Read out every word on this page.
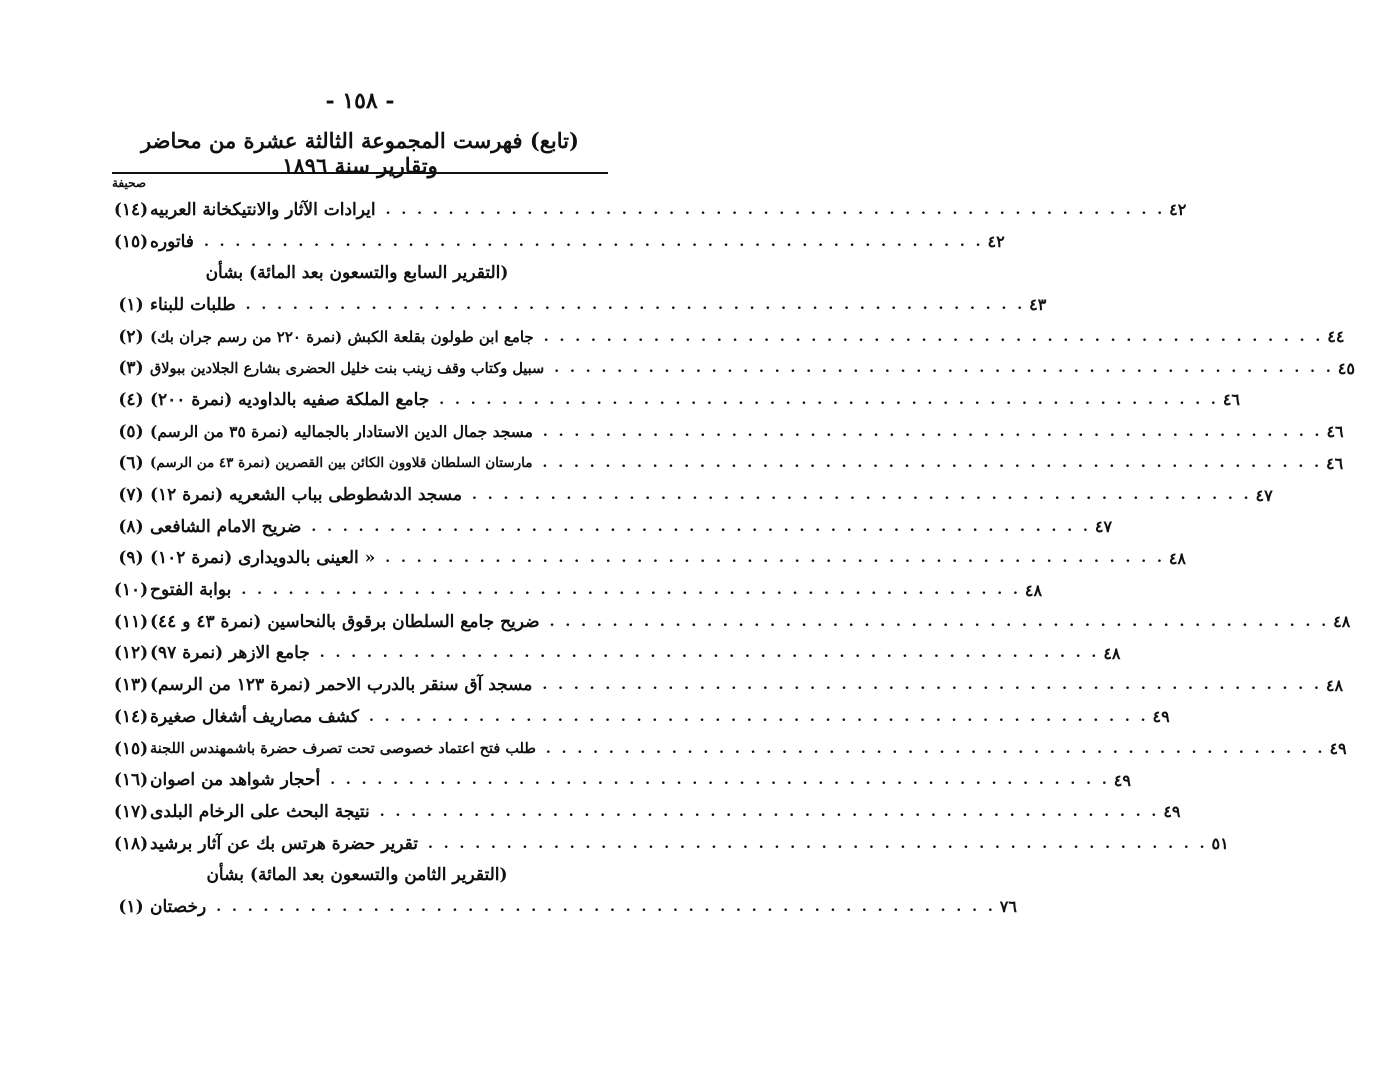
- ١٥٨ -
(تابع) فهرست المجموعة الثالثة عشرة من محاضر وتقارير سنة ١٨٩٦
صحيفة
(١٤) ايرادات الآثار والانتيكخانة العربيه . . . . . . . . . . . . . . . . . . . . . . . . . . . . . . . . . . . . . . . . . . . . . . . . . . ٤٢
(١٥) فاتوره . . . . . . . . . . . . . . . . . . . . . . . . . . . . . . . . . . . . . . . . . . . . . . . . . . ٤٢
(التقرير السابع والتسعون بعد المائة) بشأن
(١) طلبات للبناء . . . . . . . . . . . . . . . . . . . . . . . . . . . . . . . . . . . . . . . . . . . . . . . . . . ٤٣
(٢) جامع ابن طولون بقلعة الكبش (نمرة ٢٢٠ من رسم جران بك) . . . . . . . . . . . . . . . . . . . . . . . . . . . . . . . . . . . . . . . . . . . . . . . . . . ٤٤
(٣) سبيل وكتاب وقف زينب بنت خليل الحضرى بشارع الجلادين ببولاق . . . . . . . . . . . . . . . . . . . . . . . . . . . . . . . . . . . . . . . . . . . . . . . . . . ٤٥
(٤) جامع الملكة صفيه بالداوديه (نمرة ٢٠٠) . . . . . . . . . . . . . . . . . . . . . . . . . . . . . . . . . . . . . . . . . . . . . . . . . . ٤٦
(٥) مسجد جمال الدين الاستادار بالجماليه (نمرة ٣٥ من الرسم) . . . . . . . . . . . . . . . . . . . . . . . . . . . . . . . . . . . . . . . . . . . . . . . . . . ٤٦
(٦) مارستان السلطان قلاوون الكائن بين القصرين (نمرة ٤٣ من الرسم) . . . . . . . . . . . . . . . . . . . . . . . . . . . . . . . . . . . . . . . . . . . . . . . . . . ٤٦
(٧) مسجد الدشطوطى بباب الشعريه (نمرة ١٢) . . . . . . . . . . . . . . . . . . . . . . . . . . . . . . . . . . . . . . . . . . . . . . . . . . ٤٧
(٨) ضريح الامام الشافعى . . . . . . . . . . . . . . . . . . . . . . . . . . . . . . . . . . . . . . . . . . . . . . . . . . ٤٧
(٩) « العينى بالدويدارى (نمرة ١٠٢) . . . . . . . . . . . . . . . . . . . . . . . . . . . . . . . . . . . . . . . . . . . . . . . . . . ٤٨
(١٠) بوابة الفتوح . . . . . . . . . . . . . . . . . . . . . . . . . . . . . . . . . . . . . . . . . . . . . . . . . . ٤٨
(١١) ضريح جامع السلطان برقوق بالنحاسين (نمرة ٤٣ و ٤٤) . . . . . . . . . . . . . . . . . . . . . . . . . . . . . . . . . . . . . . . . . . . . . . . . . . ٤٨
(١٢) جامع الازهر (نمرة ٩٧) . . . . . . . . . . . . . . . . . . . . . . . . . . . . . . . . . . . . . . . . . . . . . . . . . . ٤٨
(١٣) مسجد آق سنقر بالدرب الاحمر (نمرة ١٢٣ من الرسم) . . . . . . . . . . . . . . . . . . . . . . . . . . . . . . . . . . . . . . . . . . . . . . . . . . ٤٨
(١٤) كشف مصاريف أشغال صغيرة . . . . . . . . . . . . . . . . . . . . . . . . . . . . . . . . . . . . . . . . . . . . . . . . . . ٤٩
(١٥) طلب فتح اعتماد خصوصى تحت تصرف حضرة باشمهندس اللجنة . . . . . . . . . . . . . . . . . . . . . . . . . . . . . . . . . . . . . . . . . . . . . . . . . . ٤٩
(١٦) أحجار شواهد من اصوان . . . . . . . . . . . . . . . . . . . . . . . . . . . . . . . . . . . . . . . . . . . . . . . . . . ٤٩
(١٧) نتيجة البحث على الرخام البلدى . . . . . . . . . . . . . . . . . . . . . . . . . . . . . . . . . . . . . . . . . . . . . . . . . . ٤٩
(١٨) تقرير حضرة هرتس بك عن آثار برشيد . . . . . . . . . . . . . . . . . . . . . . . . . . . . . . . . . . . . . . . . . . . . . . . . . . ٥١
(التقرير الثامن والتسعون بعد المائة) بشأن
(١) رخصتان . . . . . . . . . . . . . . . . . . . . . . . . . . . . . . . . . . . . . . . . . . . . . . . . . . ٧٦
